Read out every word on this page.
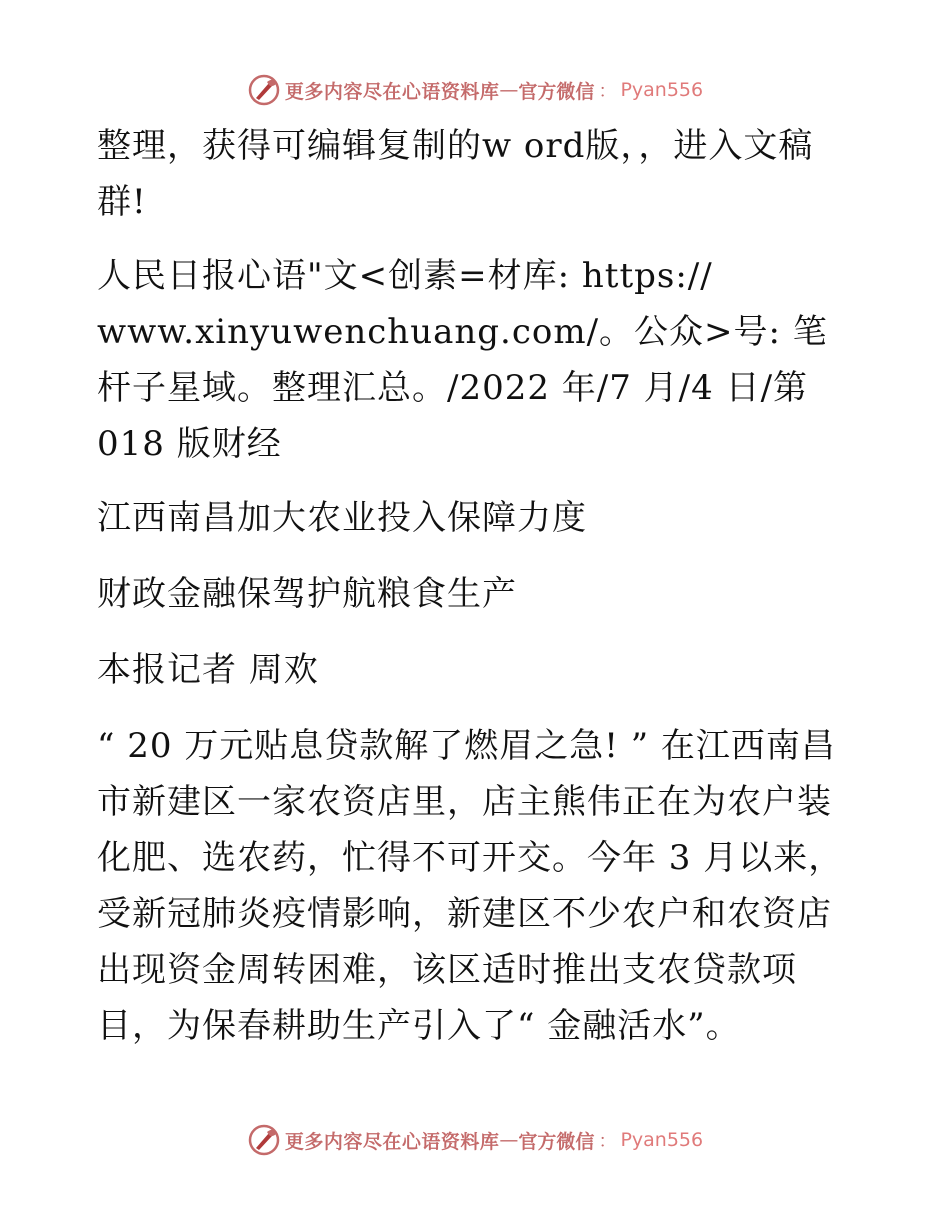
更多内容尽在心语资料库 — 官方微信 ： Pyan556

整理，获得可编辑复制的w ord版，，进入文稿群!

人民日报心语"文<创素=材库: https:// www.xinyuwenchuang.com/。公众>号: 笔杆子星域。整理汇总。/2022 年/7 月/4 日/第 018 版财经

江西南昌加大农业投入保障力度

财政金融保驾护航粮食生产

本报记者 周欢

“ 20 万元贴息贷款解了燃眉之急! ” 在江西南昌市新建区一家农资店里，店主熊伟正在为农户装化肥、选农药，忙得不可开交。今年 3 月以来，受新冠肺炎疫情影响，新建区不少农户和农资店出现资金周转困难，该区适时推出支农贷款项目，为保春耕助生产引入了“ 金融活水”。

更多内容尽在心语资料库 — 官方微信 ： Pyan556
